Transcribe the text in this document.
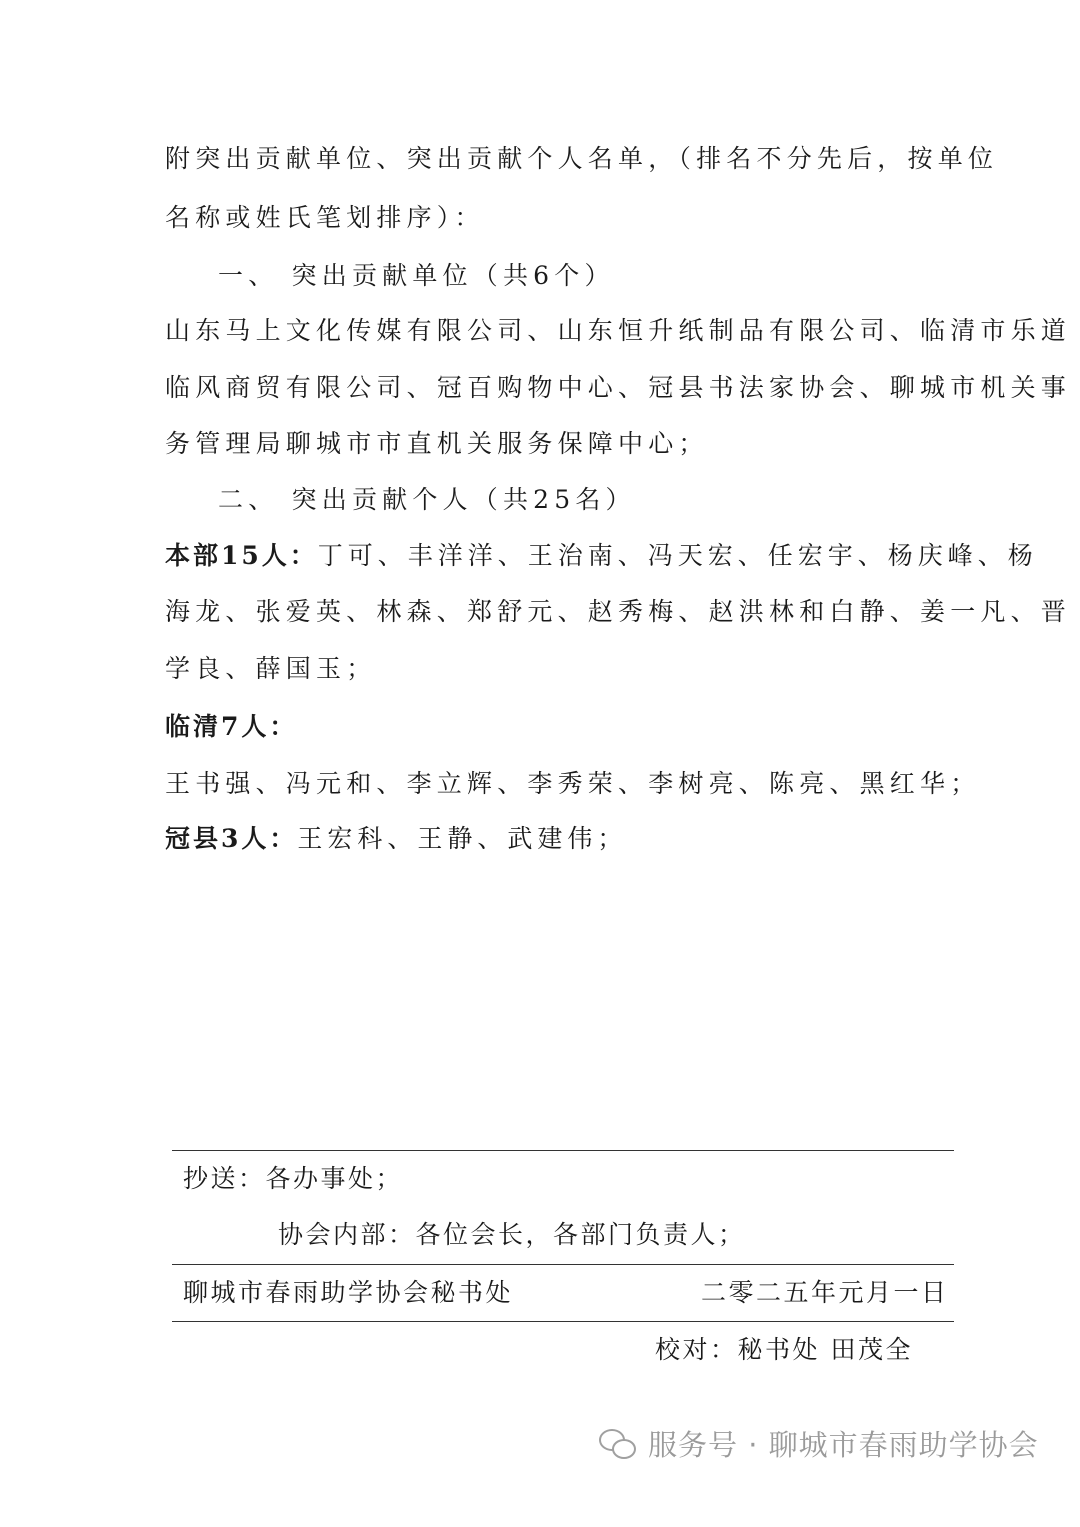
附突出贡献单位、突出贡献个人名单，（排名不分先后，按单位
名称或姓氏笔划排序）：
一、 突出贡献单位（共6个）
山东马上文化传媒有限公司、山东恒升纸制品有限公司、临清市乐道
临风商贸有限公司、冠百购物中心、冠县书法家协会、聊城市机关事
务管理局聊城市市直机关服务保障中心；
二、 突出贡献个人（共25名）
本部15人：丁可、丰洋洋、王治南、冯天宏、任宏宇、杨庆峰、杨
海龙、张爱英、林森、郑舒元、赵秀梅、赵洪林和白静、姜一凡、晋
学良、薛国玉；
临清7人：
王书强、冯元和、李立辉、李秀荣、李树亮、陈亮、黑红华；
冠县3人：王宏科、王静、武建伟；
抄送：各办事处；
协会内部：各位会长，各部门负责人；
聊城市春雨助学协会秘书处	二零二五年元月一日
校对：秘书处 田茂全
服务号 · 聊城市春雨助学协会
